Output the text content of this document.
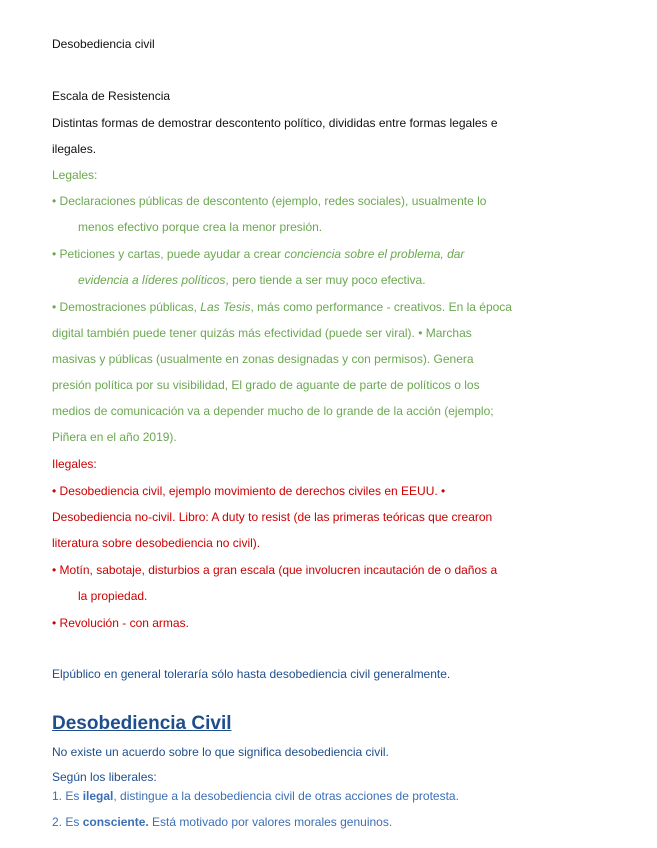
Desobediencia civil
Escala de Resistencia
Distintas formas de demostrar descontento político, divididas entre formas legales e
ilegales.
Legales:
• Declaraciones públicas de descontento (ejemplo, redes sociales), usualmente lo
menos efectivo porque crea la menor presión.
• Peticiones y cartas, puede ayudar a crear conciencia sobre el problema, dar
evidencia a líderes políticos, pero tiende a ser muy poco efectiva.
• Demostraciones públicas, Las Tesis, más como performance - creativos. En la época
digital también puede tener quizás más efectividad (puede ser viral). • Marchas
masivas y públicas (usualmente en zonas designadas y con permisos). Genera
presión política por su visibilidad, El grado de aguante de parte de políticos o los
medios de comunicación va a depender mucho de lo grande de la acción (ejemplo;
Piñera en el año 2019).
Ilegales:
• Desobediencia civil, ejemplo movimiento de derechos civiles en EEUU. •
Desobediencia no-civil. Libro: A duty to resist (de las primeras teóricas que crearon
literatura sobre desobediencia no civil).
• Motín, sabotaje, disturbios a gran escala (que involucren incautación de o daños a
la propiedad.
• Revolución - con armas.
Elpúblico en general toleraría sólo hasta desobediencia civil generalmente.
Desobediencia Civil
No existe un acuerdo sobre lo que significa desobediencia civil.
Según los liberales:
1. Es ilegal, distingue a la desobediencia civil de otras acciones de protesta.
2. Es consciente. Está motivado por valores morales genuinos.
